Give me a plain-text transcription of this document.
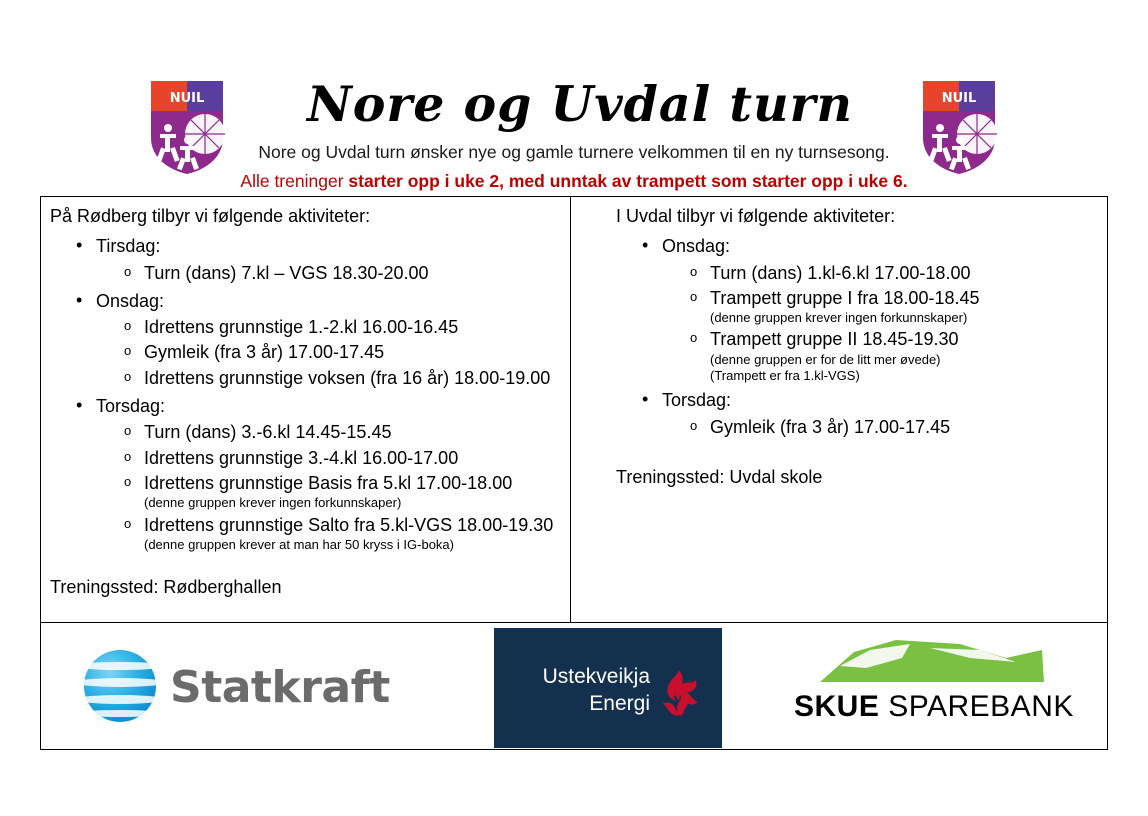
NUIL	NUIL
Nore og Uvdal turn
Nore og Uvdal turn ønsker nye og gamle turnere velkommen til en ny turnsesong.
Alle treninger starter opp i uke 2, med unntak av trampett som starter opp i uke 6.
På Rødberg tilbyr vi følgende aktiviteter:
• Tirsdag:
o Turn (dans) 7.kl – VGS 18.30-20.00
• Onsdag:
o Idrettens grunnstige 1.-2.kl 16.00-16.45
o Gymleik (fra 3 år) 17.00-17.45
o Idrettens grunnstige voksen (fra 16 år) 18.00-19.00
• Torsdag:
o Turn (dans) 3.-6.kl 14.45-15.45
o Idrettens grunnstige 3.-4.kl 16.00-17.00
o Idrettens grunnstige Basis fra 5.kl 17.00-18.00
(denne gruppen krever ingen forkunnskaper)
o Idrettens grunnstige Salto fra 5.kl-VGS 18.00-19.30
(denne gruppen krever at man har 50 kryss i IG-boka)
Treningssted: Rødberghallen
I Uvdal tilbyr vi følgende aktiviteter:
• Onsdag:
o Turn (dans) 1.kl-6.kl 17.00-18.00
o Trampett gruppe I fra 18.00-18.45
(denne gruppen krever ingen forkunnskaper)
o Trampett gruppe II 18.45-19.30
(denne gruppen er for de litt mer øvede)
(Trampett er fra 1.kl-VGS)
• Torsdag:
o Gymleik (fra 3 år) 17.00-17.45
Treningssted: Uvdal skole
Statkraft	Ustekveikja
Energi	SKUE SPAREBANK
